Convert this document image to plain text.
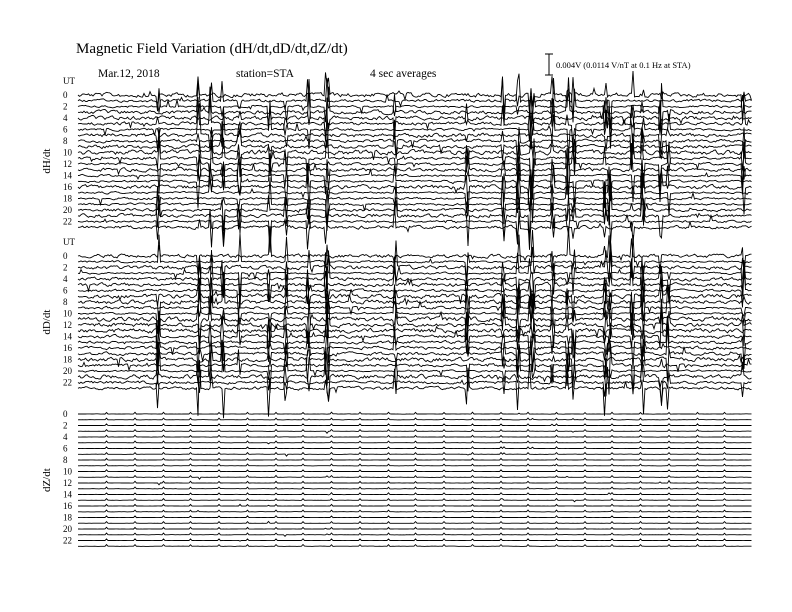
Magnetic Field Variation (dH/dt,dD/dt,dZ/dt)
Mar.12, 2018	station=STA	4 sec averages
0.004V (0.0114 V/nT at 0.1 Hz at STA)
UT
dH/dt
0
2
4
6
8
10
12
14
16
18
20
22
UT
dD/dt
0
2
4
6
8
10
12
14
16
18
20
22
dZ/dt
0
2
4
6
8
10
12
14
16
18
20
22
